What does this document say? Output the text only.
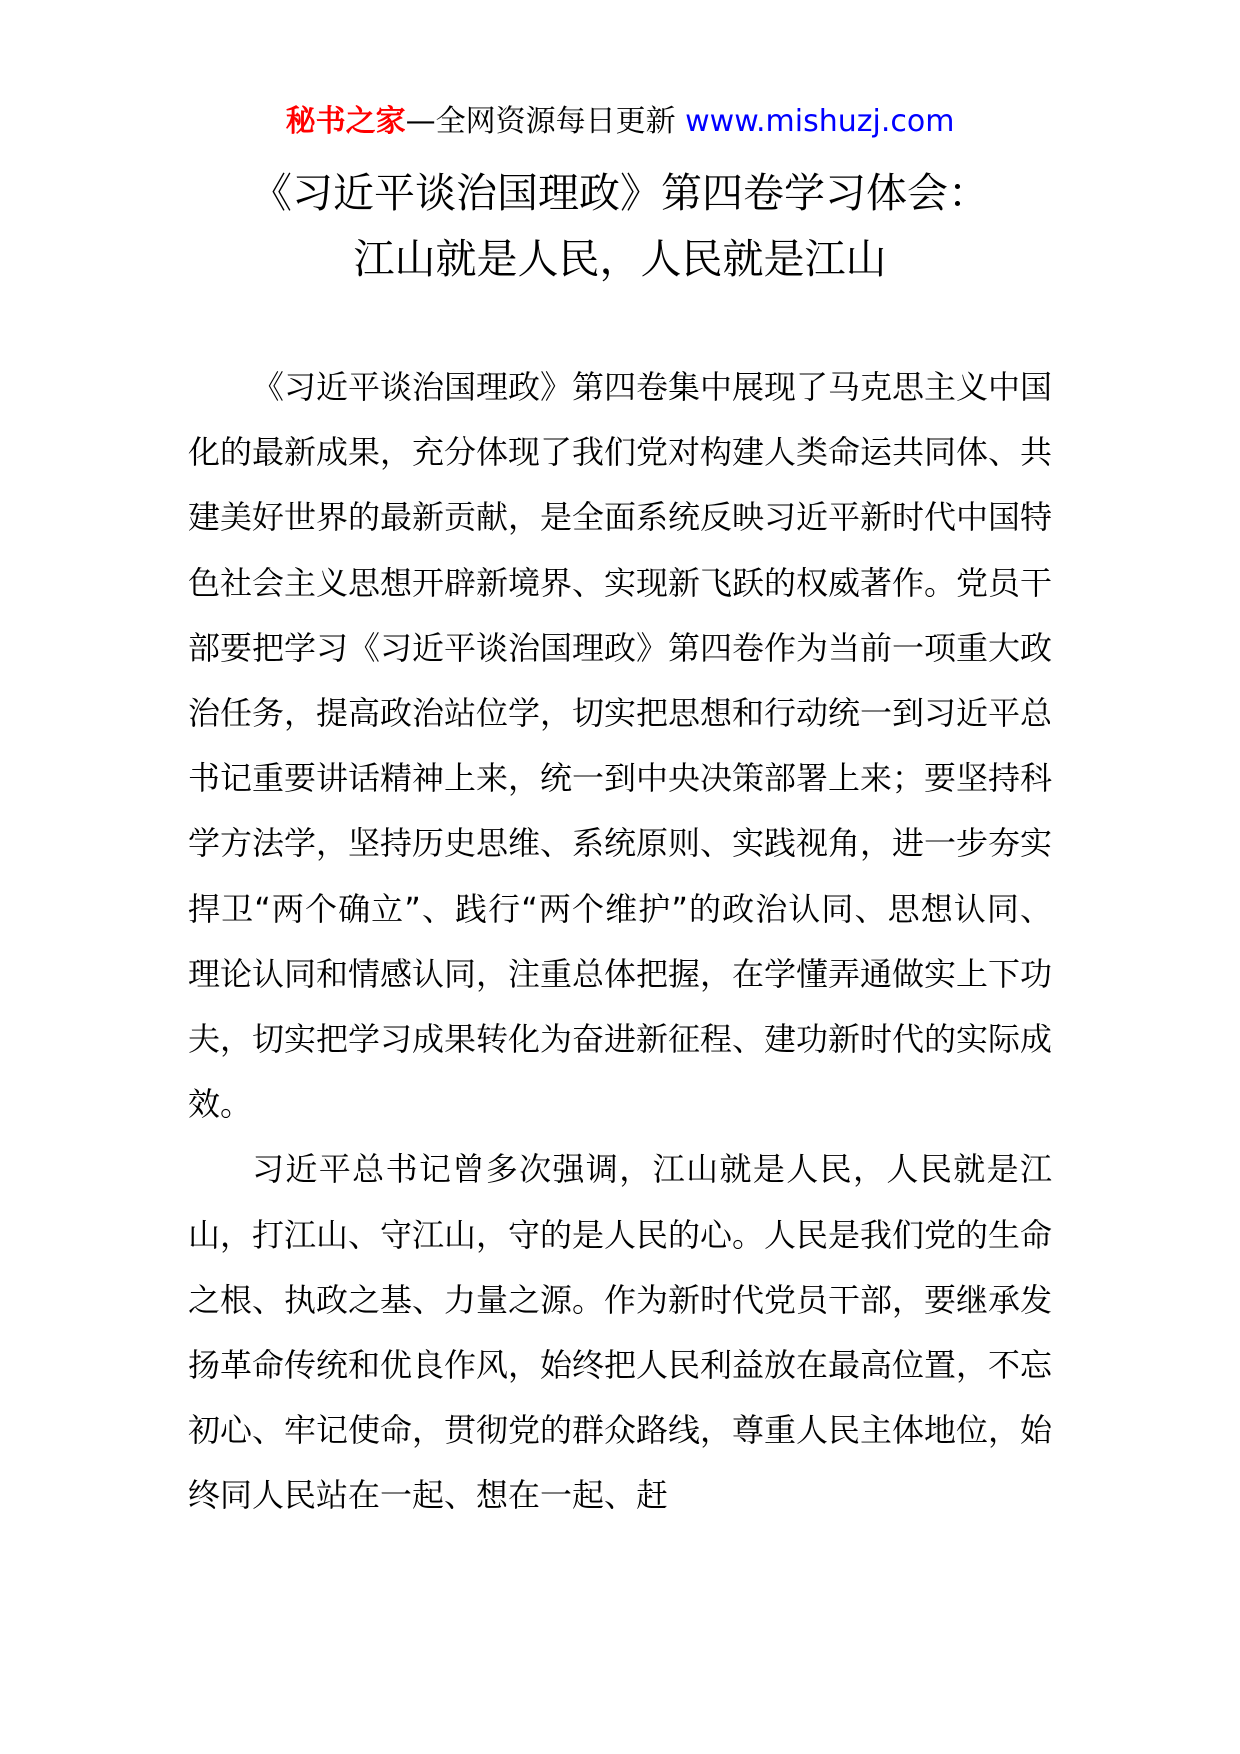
秘书之家—全网资源每日更新 www.mishuzj.com
《习近平谈治国理政》第四卷学习体会：
江山就是人民，人民就是江山

《习近平谈治国理政》第四卷集中展现了马克思主义中国化的最新成果，充分体现了我们党对构建人类命运共同体、共建美好世界的最新贡献，是全面系统反映习近平新时代中国特色社会主义思想开辟新境界、实现新飞跃的权威著作。党员干部要把学习《习近平谈治国理政》第四卷作为当前一项重大政治任务，提高政治站位学，切实把思想和行动统一到习近平总书记重要讲话精神上来，统一到中央决策部署上来；要坚持科学方法学，坚持历史思维、系统原则、实践视角，进一步夯实捍卫“两个确立”、践行“两个维护”的政治认同、思想认同、理论认同和情感认同，注重总体把握，在学懂弄通做实上下功夫，切实把学习成果转化为奋进新征程、建功新时代的实际成效。

习近平总书记曾多次强调，江山就是人民，人民就是江山，打江山、守江山，守的是人民的心。人民是我们党的生命之根、执政之基、力量之源。作为新时代党员干部，要继承发扬革命传统和优良作风，始终把人民利益放在最高位置，不忘初心、牢记使命，贯彻党的群众路线，尊重人民主体地位，始终同人民站在一起、想在一起、赶
